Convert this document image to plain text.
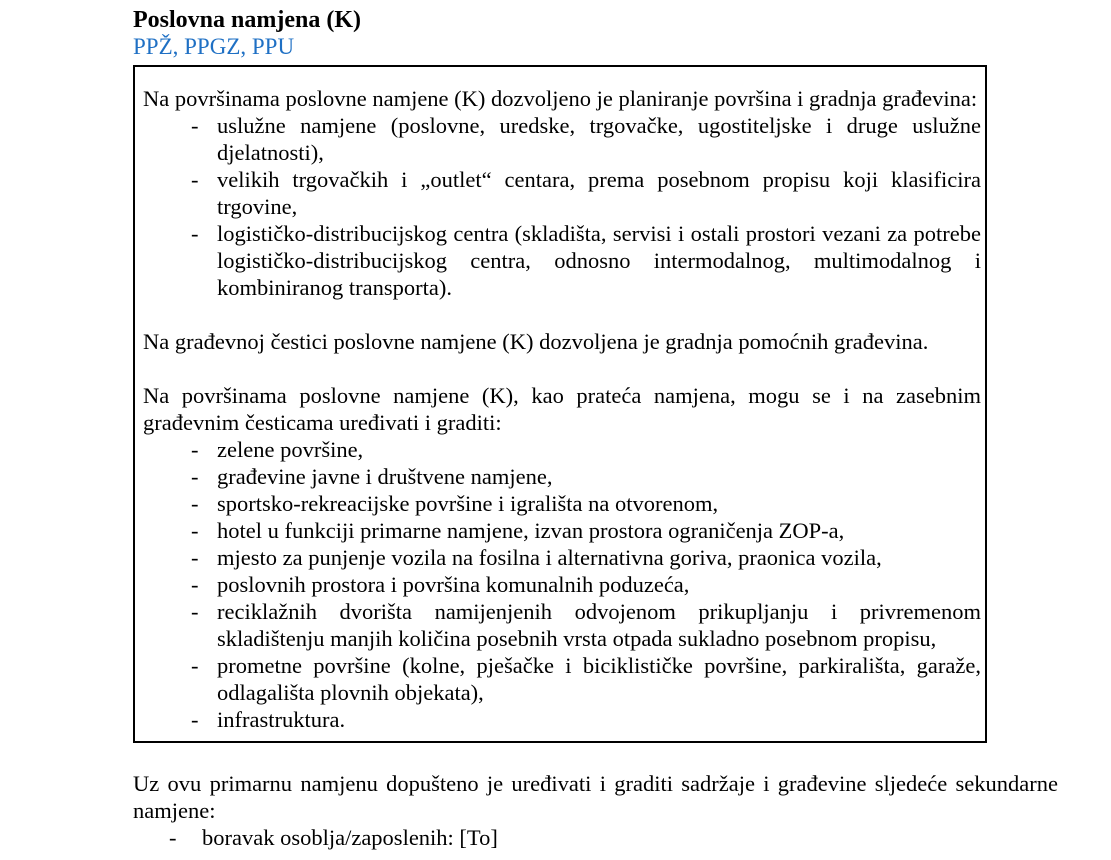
Poslovna namjena (K)
PPŽ, PPGZ, PPU

Na površinama poslovne namjene (K) dozvoljeno je planiranje površina i gradnja građevina:

- uslužne namjene (poslovne, uredske, trgovačke, ugostiteljske i druge uslužne djelatnosti),
- velikih trgovačkih i „outlet“ centara, prema posebnom propisu koji klasificira trgovine,
- logističko-distribucijskog centra (skladišta, servisi i ostali prostori vezani za potrebe logističko-distribucijskog centra, odnosno intermodalnog, multimodalnog i kombiniranog transporta).

Na građevnoj čestici poslovne namjene (K) dozvoljena je gradnja pomoćnih građevina.

Na površinama poslovne namjene (K), kao prateća namjena, mogu se i na zasebnim građevnim česticama uređivati i graditi:

- zelene površine,
- građevine javne i društvene namjene,
- sportsko-rekreacijske površine i igrališta na otvorenom,
- hotel u funkciji primarne namjene, izvan prostora ograničenja ZOP-a,
- mjesto za punjenje vozila na fosilna i alternativna goriva, praonica vozila,
- poslovnih prostora i površina komunalnih poduzeća,
- reciklažnih dvorišta namijenjenih odvojenom prikupljanju i privremenom skladištenju manjih količina posebnih vrsta otpada sukladno posebnom propisu,
- prometne površine (kolne, pješačke i biciklističke površine, parkirališta, garaže, odlagališta plovnih objekata),
- infrastruktura.

Uz ovu primarnu namjenu dopušteno je uređivati i graditi sadržaje i građevine sljedeće sekundarne namjene:

- boravak osoblja/zaposlenih: [To]
